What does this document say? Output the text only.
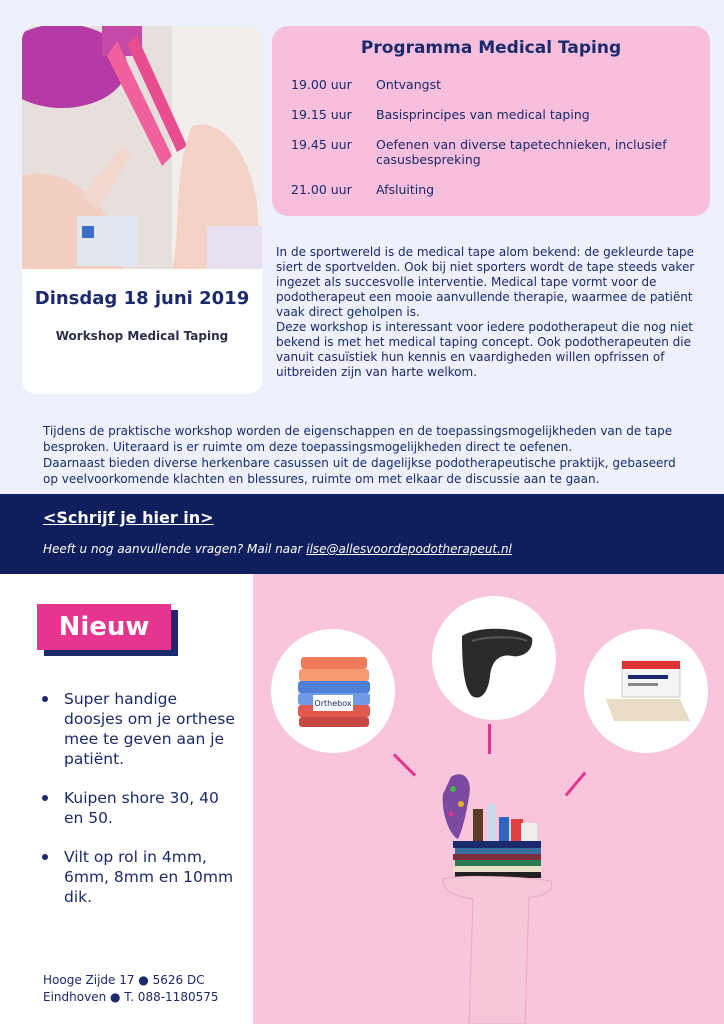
Dinsdag 18 juni 2019
Workshop Medical Taping
Programma Medical Taping
19.00 uur	Ontvangst
19.15 uur	Basisprincipes van medical taping
19.45 uur	Oefenen van diverse tapetechnieken, inclusief casusbespreking
21.00 uur	Afsluiting

In de sportwereld is de medical tape alom bekend: de gekleurde tape siert de sportvelden. Ook bij niet sporters wordt de tape steeds vaker ingezet als succesvolle interventie. Medical tape vormt voor de podotherapeut een mooie aanvullende therapie, waarmee de patiënt vaak direct geholpen is.

Deze workshop is interessant voor iedere podotherapeut die nog niet bekend is met het medical taping concept. Ook podotherapeuten die vanuit casuïstiek hun kennis en vaardigheden willen opfrissen of uitbreiden zijn van harte welkom.

Tijdens de praktische workshop worden de eigenschappen en de toepassingsmogelijkheden van de tape besproken. Uiteraard is er ruimte om deze toepassingsmogelijkheden direct te oefenen.

Daarnaast bieden diverse herkenbare casussen uit de dagelijkse podotherapeutische praktijk, gebaseerd op veelvoorkomende klachten en blessures, ruimte om met elkaar de discussie aan te gaan.

<Schrijf je hier in>
Heeft u nog aanvullende vragen? Mail naar ilse@allesvoordepodotherapeut.nl
Nieuw
Super handige doosjes om je orthese mee te geven aan je patiënt.
Kuipen shore 30, 40 en 50.
Vilt op rol in 4mm, 6mm, 8mm en 10mm dik.
Hooge Zijde 17 ● 5626 DC
Eindhoven ● T. 088-1180575
Orthebox
